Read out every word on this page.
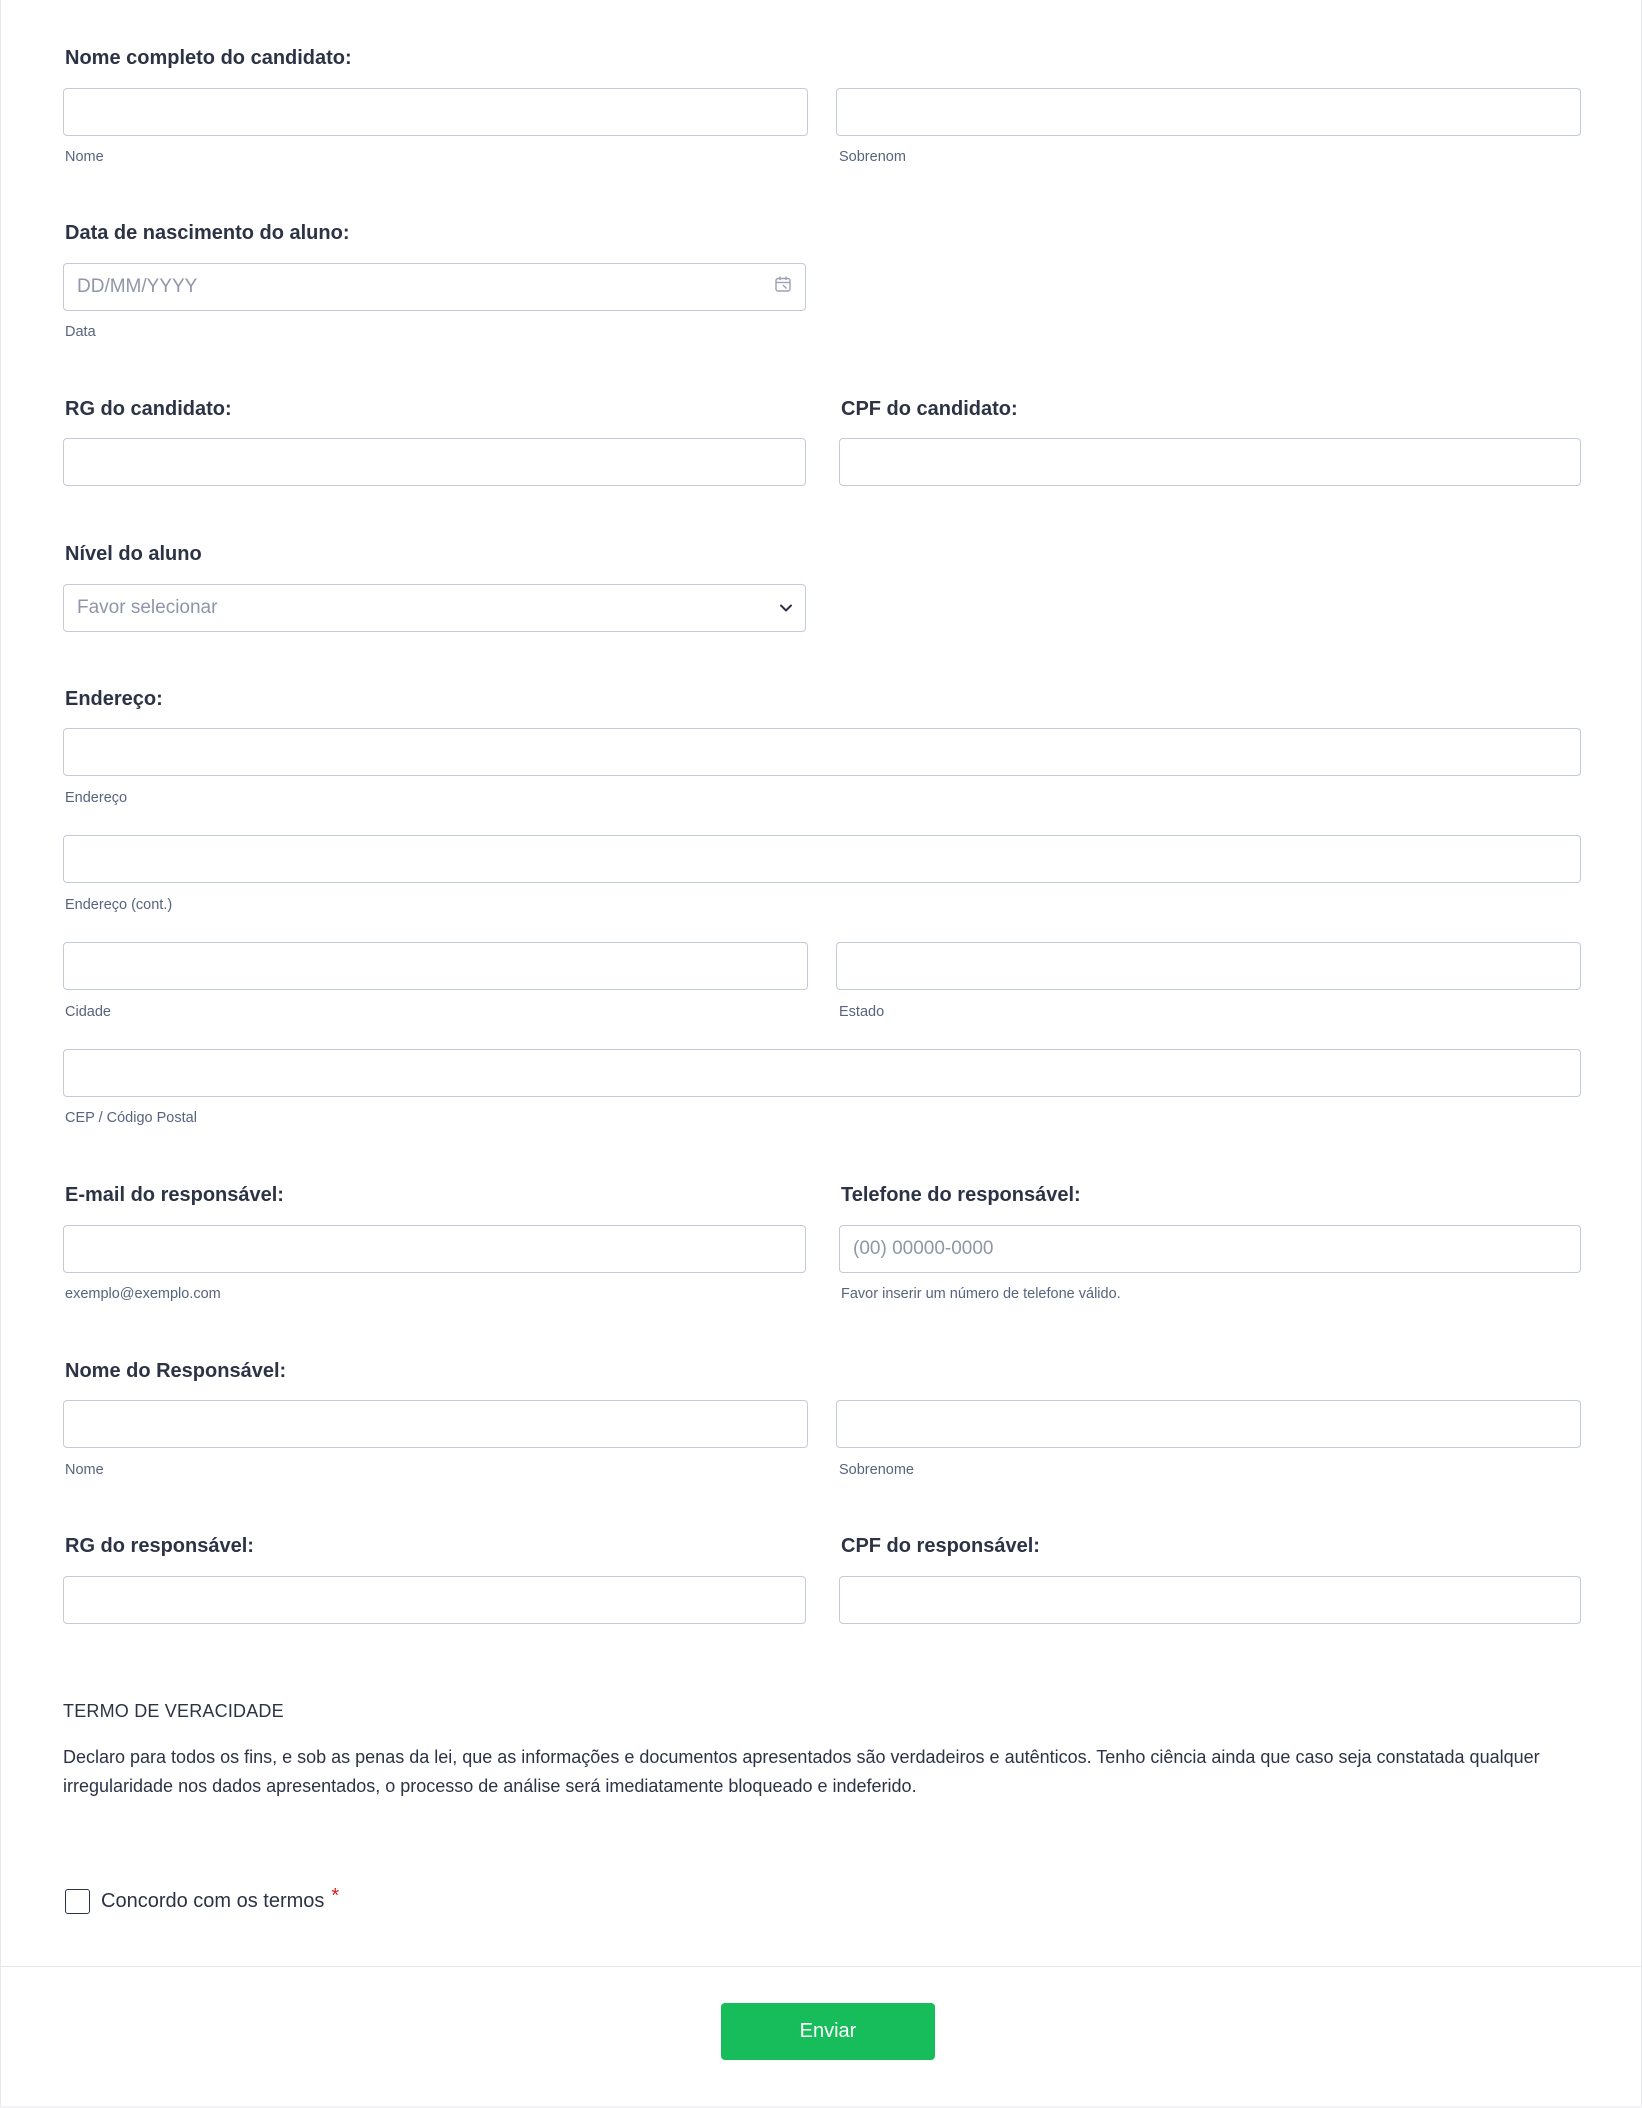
Nome completo do candidato:
Nome	Sobrenom
Data de nascimento do aluno:
DD/MM/YYYY
Data
RG do candidato:	CPF do candidato:
Nível do aluno
Favor selecionar
Endereço:
Endereço
Endereço (cont.)
Cidade	Estado
CEP / Código Postal
E-mail do responsável:
exemplo@exemplo.com
Telefone do responsável:
(00) 00000-0000
Favor inserir um número de telefone válido.
Nome do Responsável:
Nome	Sobrenome
RG do responsável:	CPF do responsável:
TERMO DE VERACIDADE
Declaro para todos os fins, e sob as penas da lei, que as informações e documentos apresentados são verdadeiros e autênticos. Tenho ciência ainda que caso seja constatada qualquer irregularidade nos dados apresentados, o processo de análise será imediatamente bloqueado e indeferido.
Concordo com os termos *
Enviar
